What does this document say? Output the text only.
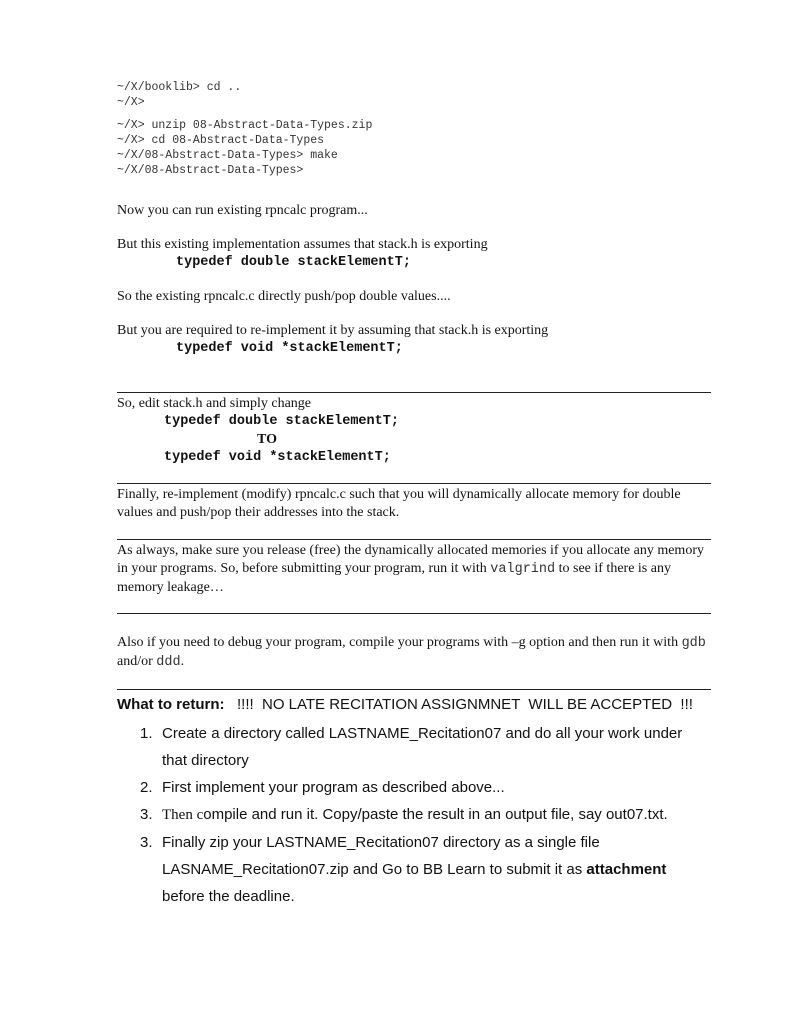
~/X/booklib> cd ..
~/X>
~/X> unzip 08-Abstract-Data-Types.zip
~/X> cd 08-Abstract-Data-Types
~/X/08-Abstract-Data-Types> make
~/X/08-Abstract-Data-Types>
Now you can run existing rpncalc program...
But this existing implementation assumes that stack.h is exporting
typedef double stackElementT;
So the existing rpncalc.c directly push/pop double values....
But you are required to re-implement it by assuming that stack.h is exporting
typedef void *stackElementT;
So, edit stack.h and simply change
typedef double stackElementT;
TO
typedef void *stackElementT;
Finally, re-implement (modify) rpncalc.c such that you will dynamically allocate memory for double values and push/pop their addresses into the stack.
As always, make sure you release (free) the dynamically allocated memories if you allocate any memory in your programs. So, before submitting your program, run it with valgrind to see if there is any memory leakage…
Also if you need to debug your program, compile your programs with –g option and then run it with gdb and/or ddd.
What to return:   !!!!  NO LATE RECITATION ASSIGNMNET  WILL BE ACCEPTED  !!!
1. Create a directory called LASTNAME_Recitation07 and do all your work under that directory
2. First implement your program as described above...
3. Then compile and run it. Copy/paste the result in an output file, say out07.txt.
3. Finally zip your LASTNAME_Recitation07 directory as a single file LASNAME_Recitation07.zip and Go to BB Learn to submit it as attachment before the deadline.
